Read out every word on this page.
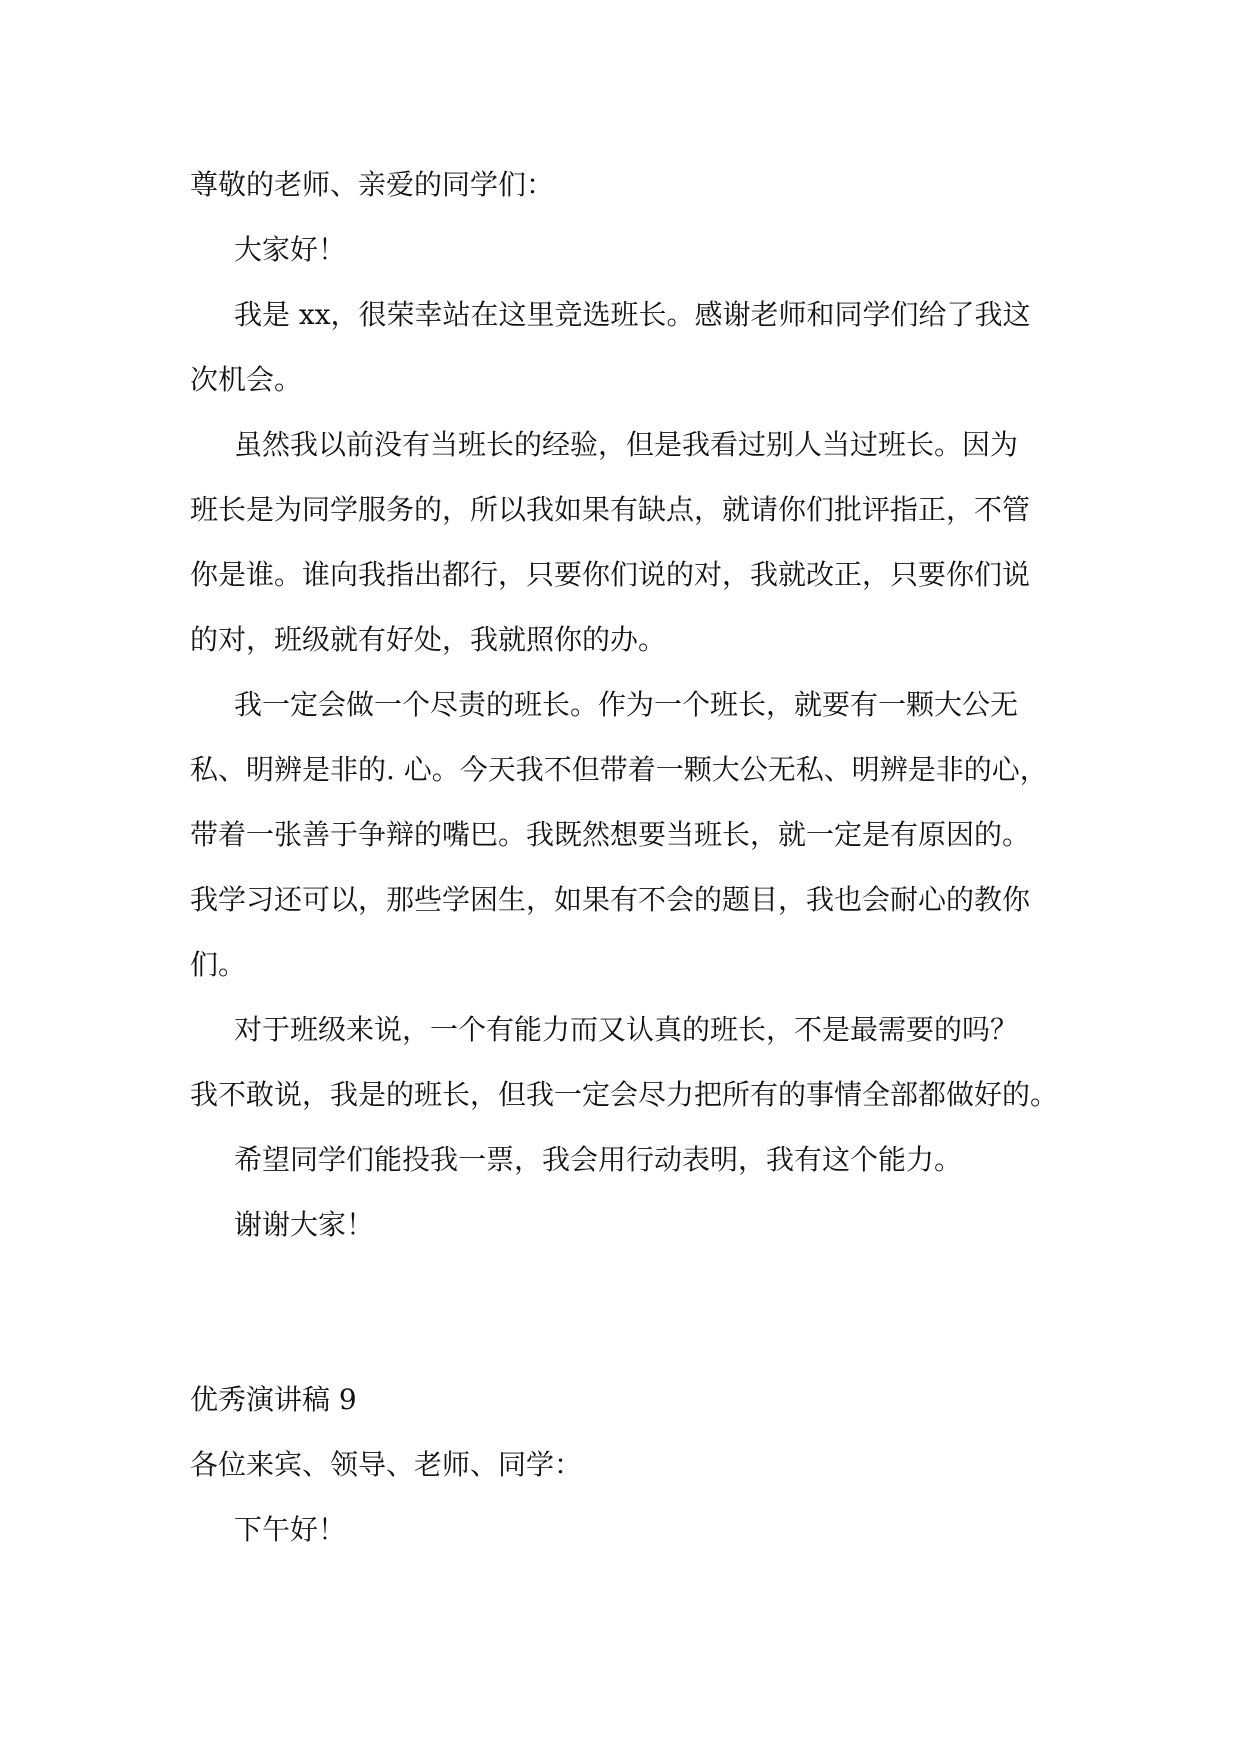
尊敬的老师、亲爱的同学们：

大家好！

我是 xx，很荣幸站在这里竞选班长。感谢老师和同学们给了我这

次机会。

虽然我以前没有当班长的经验，但是我看过别人当过班长。因为

班长是为同学服务的，所以我如果有缺点，就请你们批评指正，不管

你是谁。谁向我指出都行，只要你们说的对，我就改正，只要你们说

的对，班级就有好处，我就照你的办。

我一定会做一个尽责的班长。作为一个班长，就要有一颗大公无

私、明辨是非的. 心。今天我不但带着一颗大公无私、明辨是非的心，

带着一张善于争辩的嘴巴。我既然想要当班长，就一定是有原因的。

我学习还可以，那些学困生，如果有不会的题目，我也会耐心的教你

们。

对于班级来说，一个有能力而又认真的班长，不是最需要的吗？

我不敢说，我是的班长，但我一定会尽力把所有的事情全部都做好的。

希望同学们能投我一票，我会用行动表明，我有这个能力。

谢谢大家！

优秀演讲稿 9

各位来宾、领导、老师、同学：

下午好！
